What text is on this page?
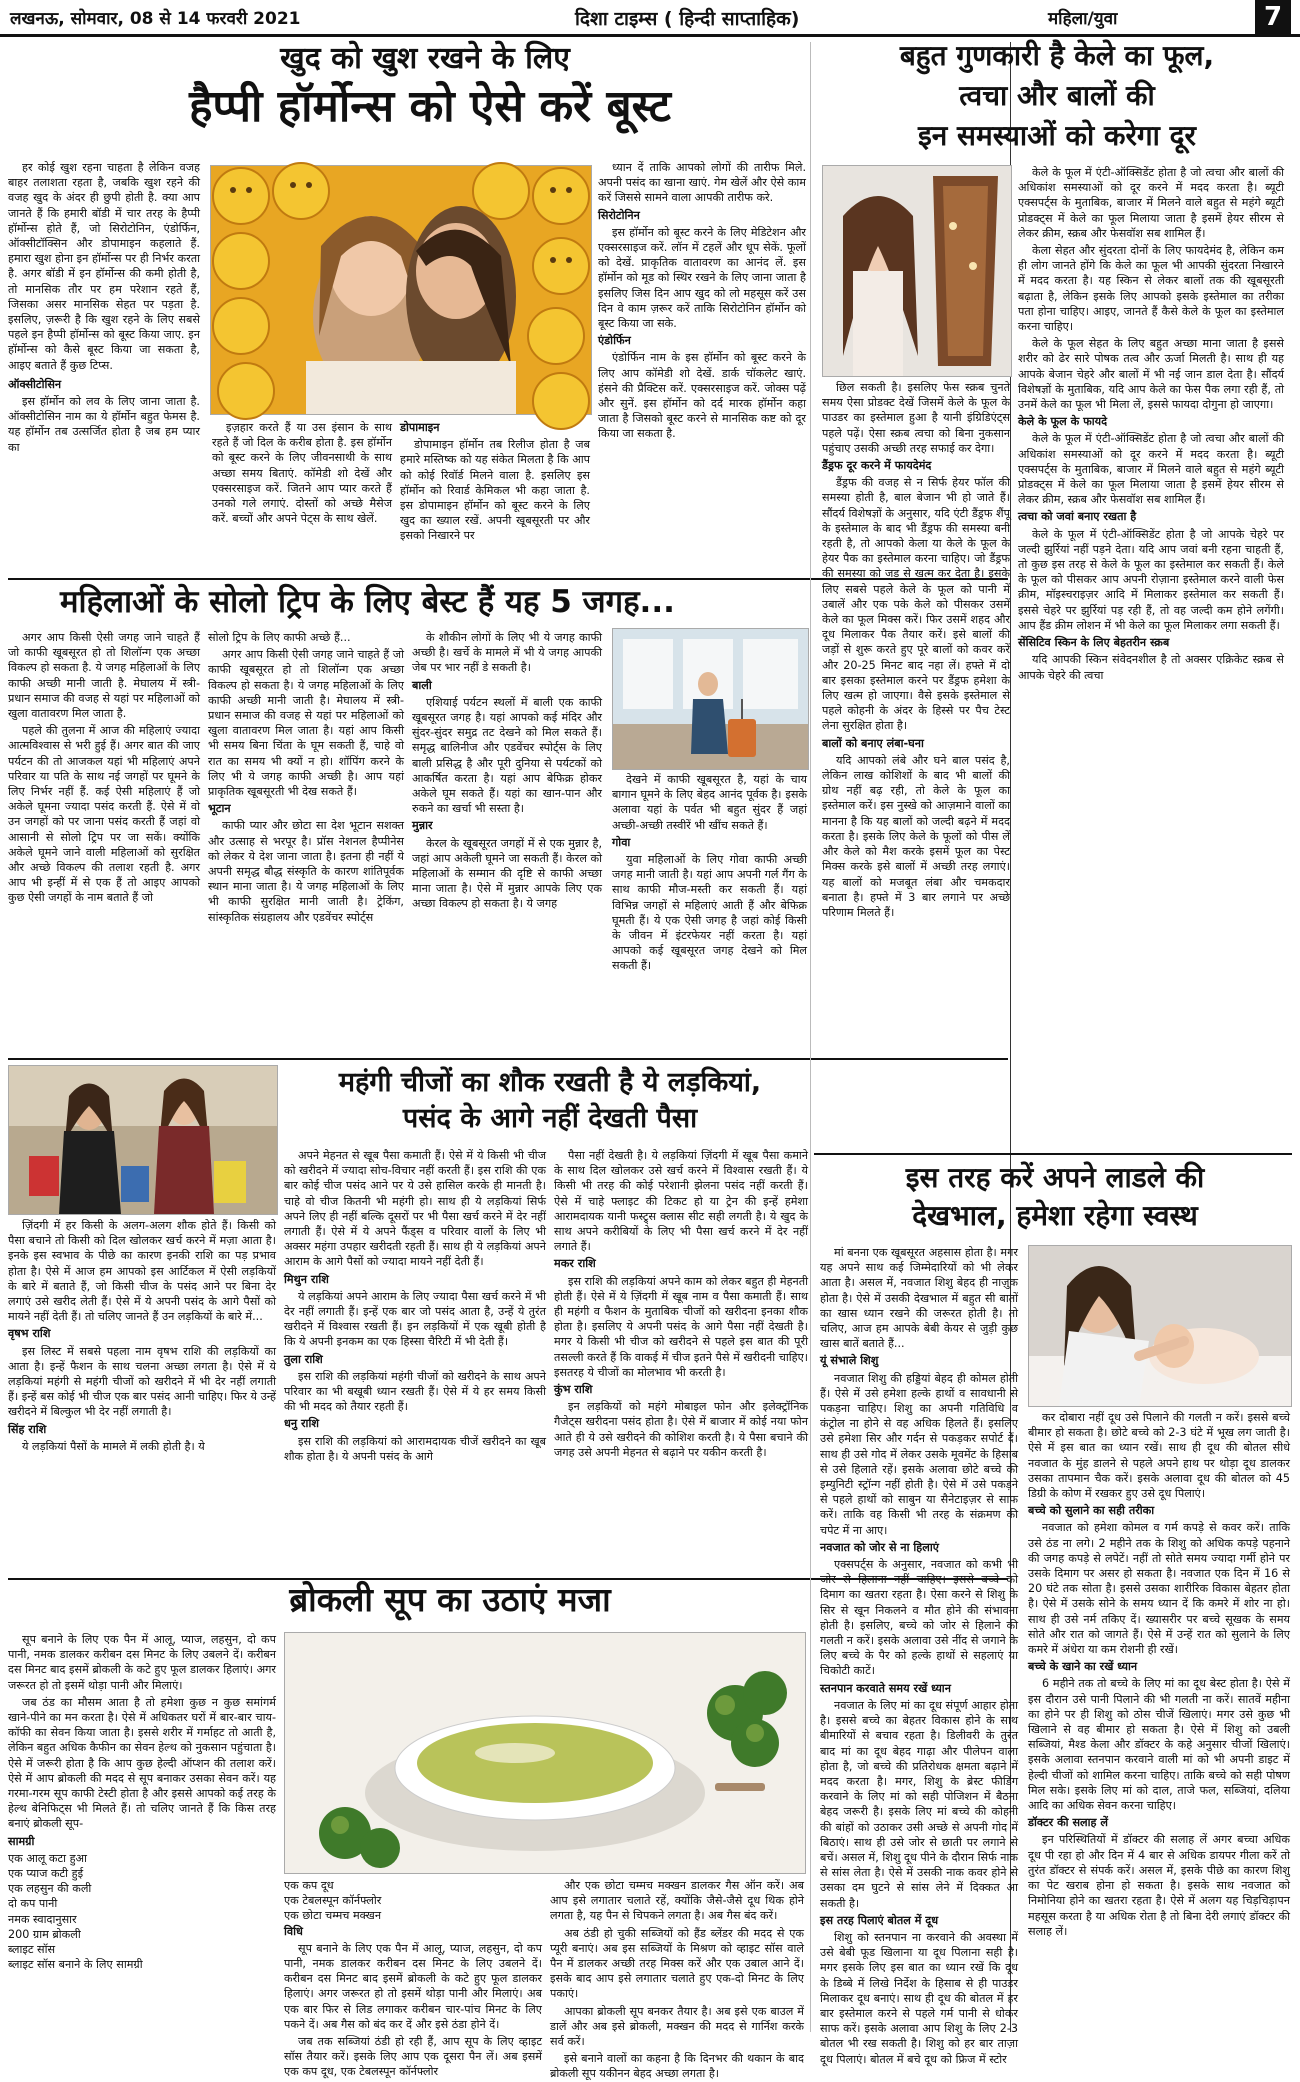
लखनऊ, सोमवार, 08 से 14 फरवरी 2021	दिशा टाइम्स ( हिन्दी साप्ताहिक)	महिला/युवा	7
खुद को खुश रखने के लिए
हैप्पी हॉर्मोन्स को ऐसे करें बूस्ट

हर कोई खुश रहना चाहता है लेकिन वजह बाहर तलाशता रहता है, जबकि खुश रहने की वजह खुद के अंदर ही छुपी होती है. क्या आप जानते हैं कि हमारी बॉडी में चार तरह के हैप्पी हॉर्मोन्स होते हैं, जो सिरोटोनिन, एंडोर्फिन, ऑक्सीटॉक्सिन और डोपामाइन कहलाते हैं. हमारा खुश होना इन हॉर्मोन्स पर ही निर्भर करता है. अगर बॉडी में इन हॉर्मोन्स की कमी होती है, तो मानसिक तौर पर हम परेशान रहते हैं, जिसका असर मानसिक सेहत पर पड़ता है. इसलिए, ज़रूरी है कि खुश रहने के लिए सबसे पहले इन हैप्पी हॉर्मोन्स को बूस्ट किया जाए. इन हॉर्मोन्स को कैसे बूस्ट किया जा सकता है, आइए बताते हैं कुछ टिप्स.

ऑक्सीटोसिन

इस हॉर्मोन को लव के लिए जाना जाता है. ऑक्सीटोसिन नाम का ये हॉर्मोन बहुत फेमस है. यह हॉर्मोन तब उत्सर्जित होता है जब हम प्यार का

इज़हार करते हैं या उस इंसान के साथ रहते हैं जो दिल के करीब होता है. इस हॉर्मोन को बूस्ट करने के लिए जीवनसाथी के साथ अच्छा समय बिताएं. कॉमेडी शो देखें और एक्सरसाइज करें. जितने आप प्यार करते हैं उनको गले लगाएं. दोस्तों को अच्छे मैसेज करें. बच्चों और अपने पेट्स के साथ खेलें.

डोपामाइन

डोपामाइन हॉर्मोन तब रिलीज होता है जब हमारे मस्तिष्क को यह संकेत मिलता है कि आप को कोई रिवॉर्ड मिलने वाला है. इसलिए इस हॉर्मोन को रिवार्ड केमिकल भी कहा जाता है. इस डोपामाइन हॉर्मोन को बूस्ट करने के लिए खुद का ख्याल रखें. अपनी खूबसूरती पर और इसको निखारने पर

ध्यान दें ताकि आपको लोगों की तारीफ मिले. अपनी पसंद का खाना खाएं. गेम खेलें और ऐसे काम करें जिससे सामने वाला आपकी तारीफ करे.

सिरोटोनिन

इस हॉर्मोन को बूस्ट करने के लिए मेडिटेशन और एक्सरसाइज करें. लॉन में टहलें और धूप सेकें. फूलों को देखें. प्राकृतिक वातावरण का आनंद लें. इस हॉर्मोन को मूड को स्थिर रखने के लिए जाना जाता है इसलिए जिस दिन आप खुद को लो महसूस करें उस दिन वे काम ज़रूर करें ताकि सिरोटोनिन हॉर्मोन को बूस्ट किया जा सके.

एंडोर्फिन

एंडोर्फिन नाम के इस हॉर्मोन को बूस्ट करने के लिए आप कॉमेडी शो देखें. डार्क चॉकलेट खाएं. हंसने की प्रैक्टिस करें. एक्सरसाइज करें. जोक्स पढ़ें और सुनें. इस हॉर्मोन को दर्द मारक हॉर्मोन कहा जाता है जिसको बूस्ट करने से मानसिक कष्ट को दूर किया जा सकता है.

महिलाओं के सोलो ट्रिप के लिए बेस्ट हैं यह 5 जगह...

अगर आप किसी ऐसी जगह जाने चाहते हैं जो काफी खूबसूरत हो तो शिलॉन्ग एक अच्छा विकल्प हो सकता है. ये जगह महिलाओं के लिए काफी अच्छी मानी जाती है. मेघालय में स्त्री-प्रधान समाज की वजह से यहां पर महिलाओं को खुला वातावरण मिल जाता है.

पहले की तुलना में आज की महिलाएं ज्यादा आत्मविश्वास से भरी हुई हैं। अगर बात की जाए पर्यटन की तो आजकल यहां भी महिलाएं अपने परिवार या पति के साथ नई जगहों पर घूमने के लिए निर्भर नहीं हैं. कई ऐसी महिलाएं हैं जो अकेले घूमना ज्यादा पसंद करती हैं. ऐसे में वो उन जगहों को पर जाना पसंद करती हैं जहां वो आसानी से सोलो ट्रिप पर जा सकें। क्योंकि अकेले घूमने जाने वाली महिलाओं को सुरक्षित और अच्छे विकल्प की तलाश रहती है. अगर आप भी इन्हीं में से एक हैं तो आइए आपको कुछ ऐसी जगहों के नाम बताते हैं जो

सोलो ट्रिप के लिए काफी अच्छे हैं...

अगर आप किसी ऐसी जगह जाने चाहते हैं जो काफी खूबसूरत हो तो शिलॉन्ग एक अच्छा विकल्प हो सकता है। ये जगह महिलाओं के लिए काफी अच्छी मानी जाती है। मेघालय में स्त्री-प्रधान समाज की वजह से यहां पर महिलाओं को खुला वातावरण मिल जाता है। यहां आप किसी भी समय बिना चिंता के घूम सकती हैं, चाहे वो रात का समय भी क्यों न हो। शॉपिंग करने के लिए भी ये जगह काफी अच्छी है। आप यहां प्राकृतिक खूबसूरती भी देख सकते हैं।

भूटान

काफी प्यार और छोटा सा देश भूटान सशक्त और उत्साह से भरपूर है। प्रॉस नेशनल हैप्पीनेस को लेकर ये देश जाना जाता है। इतना ही नहीं ये अपनी समृद्ध बौद्ध संस्कृति के कारण शांतिपूर्वक स्थान माना जाता है। ये जगह महिलाओं के लिए भी काफी सुरक्षित मानी जाती है। ट्रेकिंग, सांस्कृतिक संग्रहालय और एडवेंचर स्पोर्ट्स

के शौकीन लोगों के लिए भी ये जगह काफी अच्छी है। खर्चे के मामले में भी ये जगह आपकी जेब पर भार नहीं डे सकती है।

बाली

एशियाई पर्यटन स्थलों में बाली एक काफी खूबसूरत जगह है। यहां आपको कई मंदिर और सुंदर-सुंदर समुद्र तट देखने को मिल सकते हैं। समृद्ध बालिनीज और एडवेंचर स्पोर्ट्स के लिए बाली प्रसिद्ध है और पूरी दुनिया से पर्यटकों को आकर्षित करता है। यहां आप बेफिक्र होकर अकेले घूम सकते हैं। यहां का खान-पान और रुकने का खर्चा भी सस्ता है।

मुन्नार

केरल के खूबसूरत जगहों में से एक मुन्नार है, जहां आप अकेली घूमने जा सकती हैं। केरल को महिलाओं के सम्मान की दृष्टि से काफी अच्छा माना जाता है। ऐसे में मुन्नार आपके लिए एक अच्छा विकल्प हो सकता है। ये जगह

देखने में काफी खूबसूरत है, यहां के चाय बागान घूमने के लिए बेहद आनंद पूर्वक है। इसके अलावा यहां के पर्वत भी बहुत सुंदर हैं जहां अच्छी-अच्छी तस्वीरें भी खींच सकते हैं।

गोवा

युवा महिलाओं के लिए गोवा काफी अच्छी जगह मानी जाती है। यहां आप अपनी गर्ल गैंग के साथ काफी मौज-मस्ती कर सकती हैं। यहां विभिन्न जगहों से महिलाएं आती हैं और बेफिक्र घूमती हैं। ये एक ऐसी जगह है जहां कोई किसी के जीवन में इंटरफेयर नहीं करता है। यहां आपको कई खूबसूरत जगह देखने को मिल सकती हैं।

महंगी चीजों का शौक रखती है ये लड़कियां,
पसंद के आगे नहीं देखती पैसा

ज़िंदगी में हर किसी के अलग-अलग शौक होते हैं। किसी को पैसा बचाने तो किसी को दिल खोलकर खर्च करने में मज़ा आता है। इनके इस स्वभाव के पीछे का कारण इनकी राशि का पड़ प्रभाव होता है। ऐसे में आज हम आपको इस आर्टिकल में ऐसी लड़कियों के बारे में बताते हैं, जो किसी चीज के पसंद आने पर बिना देर लगाएं उसे खरीद लेती हैं। ऐसे में ये अपनी पसंद के आगे पैसों को मायने नहीं देती हैं। तो चलिए जानते हैं उन लड़कियों के बारे में...

वृषभ राशि

इस लिस्ट में सबसे पहला नाम वृषभ राशि की लड़कियों का आता है। इन्हें फैशन के साथ चलना अच्छा लगता है। ऐसे में ये लड़कियां महंगी से महंगी चीजों को खरीदने में भी देर नहीं लगाती हैं। इन्हें बस कोई भी चीज एक बार पसंद आनी चाहिए। फिर ये उन्हें खरीदने में बिल्कुल भी देर नहीं लगाती है।

सिंह राशि

ये लड़कियां पैसों के मामले में लकी होती है। ये

अपने मेहनत से खूब पैसा कमाती हैं। ऐसे में ये किसी भी चीज को खरीदने में ज्यादा सोच-विचार नहीं करती हैं। इस राशि की एक बार कोई चीज पसंद आने पर ये उसे हासिल करके ही मानती है। चाहे वो चीज कितनी भी महंगी हो। साथ ही ये लड़कियां सिर्फ अपने लिए ही नहीं बल्कि दूसरों पर भी पैसा खर्च करने में देर नहीं लगाती हैं। ऐसे में ये अपने फैंड्स व परिवार वालों के लिए भी अक्सर महंगा उपहार खरीदती रहती हैं। साथ ही ये लड़कियां अपने आराम के आगे पैसों को ज्यादा मायने नहीं देती हैं।

मिथुन राशि

ये लड़कियां अपने आराम के लिए ज्यादा पैसा खर्च करने में भी देर नहीं लगाती हैं। इन्हें एक बार जो पसंद आता है, उन्हें ये तुरंत खरीदने में विश्वास रखती हैं। इन लड़कियों में एक खूबी होती है कि ये अपनी इनकम का एक हिस्सा चैरिटी में भी देती हैं।

तुला राशि

इस राशि की लड़कियां महंगी चीजों को खरीदने के साथ अपने परिवार का भी बखूबी ध्यान रखती हैं। ऐसे में ये हर समय किसी की भी मदद को तैयार रहती हैं।

धनु राशि

इस राशि की लड़कियां को आरामदायक चीजें खरीदने का खूब शौक होता है। ये अपनी पसंद के आगे

पैसा नहीं देखती है। ये लड़कियां ज़िंदगी में खूब पैसा कमाने के साथ दिल खोलकर उसे खर्च करने में विश्वास रखती हैं। ये किसी भी तरह की कोई परेशानी झेलना पसंद नहीं करती हैं। ऐसे में चाहे फ्लाइट की टिकट हो या ट्रेन की इन्हें हमेशा आरामदायक यानी फस्ट्र्स क्लास सीट सही लगती है। ये खुद के साथ अपने करीबियों के लिए भी पैसा खर्च करने में देर नहीं लगाते हैं।

मकर राशि

इस राशि की लड़कियां अपने काम को लेकर बहुत ही मेहनती होती हैं। ऐसे में ये ज़िंदगी में खूब नाम व पैसा कमाती हैं। साथ ही महंगी व फैशन के मुताबिक चीजों को खरीदना इनका शौक होता है। इसलिए ये अपनी पसंद के आगे पैसा नहीं देखती है। मगर ये किसी भी चीज को खरीदने से पहले इस बात की पूरी तसल्ली करते हैं कि वाकई में चीज इतने पैसे में खरीदनी चाहिए। इसतरह ये चीजों का मोलभाव भी करती है।

कुंभ राशि

इन लड़कियों को महंगे मोबाइल फोन और इलेक्ट्रॉनिक गैजेट्स खरीदना पसंद होता है। ऐसे में बाजार में कोई नया फोन आते ही ये उसे खरीदने की कोशिश करती है। ये पैसा बचाने की जगह उसे अपनी मेहनत से बढ़ाने पर यकीन करती है।

ब्रोकली सूप का उठाएं मजा

सूप बनाने के लिए एक पैन में आलू, प्याज, लहसुन, दो कप पानी, नमक डालकर करीबन दस मिनट के लिए उबलने दें। करीबन दस मिनट बाद इसमें ब्रोकली के कटे हुए फूल डालकर हिलाएं। अगर जरूरत हो तो इसमें थोड़ा पानी और मिलाएं।

जब ठंड का मौसम आता है तो हमेशा कुछ न कुछ समांगर्म खाने-पीने का मन करता है। ऐसे में अधिकतर घरों में बार-बार चाय-कॉफी का सेवन किया जाता है। इससे शरीर में गर्माहट तो आती है, लेकिन बहुत अधिक कैफीन का सेवन हेल्थ को नुकसान पहुंचाता है। ऐसे में जरूरी होता है कि आप कुछ हेल्दी ऑप्शन की तलाश करें। ऐसे में आप ब्रोकली की मदद से सूप बनाकर उसका सेवन करें। यह गरमा-गरम सूप काफी टेस्टी होता है और इससे आपको कई तरह के हेल्थ बेनिफिट्स भी मिलते हैं। तो चलिए जानते हैं कि किस तरह बनाएं ब्रोकली सूप-

सामग्री

एक आलू कटा हुआ
एक प्याज कटी हुई
एक लहसुन की कली
दो कप पानी
नमक स्वादानुसार
200 ग्राम ब्रोकली
ब्लाइट सॉस
ब्लाइट सॉस बनाने के लिए सामग्री
एक कप दूध
एक टेबलस्पून कॉर्नफ्लोर
एक छोटा चम्मच मक्खन

विधि

सूप बनाने के लिए एक पैन में आलू, प्याज, लहसुन, दो कप पानी, नमक डालकर करीबन दस मिनट के लिए उबलने दें। करीबन दस मिनट बाद इसमें ब्रोकली के कटे हुए फूल डालकर हिलाएं। अगर जरूरत हो तो इसमें थोड़ा पानी और मिलाएं। अब एक बार फिर से लिड लगाकर करीबन चार-पांच मिनट के लिए पकने दें। अब गैस को बंद कर दें और इसे ठंडा होने दें।

जब तक सब्जियां ठंडी हो रही हैं, आप सूप के लिए व्हाइट सॉस तैयार करें। इसके लिए आप एक दूसरा पैन लें। अब इसमें एक कप दूध, एक टेबलस्पून कॉर्नफ्लोर

और एक छोटा चम्मच मक्खन डालकर गैस ऑन करें। अब आप इसे लगातार चलाते रहें, क्योंकि जैसे-जैसे दूध थिक होने लगता है, यह पैन से चिपकने लगता है। अब गैस बंद करें।

अब ठंडी हो चुकी सब्जियों को हैंड ब्लेंडर की मदद से एक प्यूरी बनाएं। अब इस सब्जियों के मिश्रण को व्हाइट सॉस वाले पैन में डालकर अच्छी तरह मिक्स करें और एक उबाल आने दें। इसके बाद आप इसे लगातार चलाते हुए एक-दो मिनट के लिए पकाएं।

आपका ब्रोकली सूप बनकर तैयार है। अब इसे एक बाउल में डालें और अब इसे ब्रोकली, मक्खन की मदद से गार्निश करके सर्व करें।

इसे बनाने वालों का कहना है कि दिनभर की थकान के बाद ब्रोकली सूप यकीनन बेहद अच्छा लगता है।

बहुत गुणकारी है केले का फूल,
त्वचा और बालों की
इन समस्याओं को करेगा दूर

केले के फूल में एंटी-ऑक्सिडेंट होता है जो त्वचा और बालों की अधिकांश समस्याओं को दूर करने में मदद करता है। ब्यूटी एक्सपर्ट्स के मुताबिक, बाजार में मिलने वाले बहुत से महंगे ब्यूटी प्रोडक्ट्स में केले का फूल मिलाया जाता है इसमें हेयर सीरम से लेकर क्रीम, स्क्रब और फेसवॉश सब शामिल हैं।

केला सेहत और सुंदरता दोनों के लिए फायदेमंद है, लेकिन कम ही लोग जानते होंगे कि केले का फूल भी आपकी सुंदरता निखारने में मदद करता है। यह स्किन से लेकर बालों तक की खूबसूरती बढ़ाता है, लेकिन इसके लिए आपको इसके इस्तेमाल का तरीका पता होना चाहिए। आइए, जानते हैं कैसे केले के फूल का इस्तेमाल करना चाहिए।

केले के फूल सेहत के लिए बहुत अच्छा माना जाता है इससे शरीर को ढेर सारे पोषक तत्व और ऊर्जा मिलती है। साथ ही यह आपके बेजान चेहरे और बालों में भी नई जान डाल देता है। सौंदर्य विशेषज्ञों के मुताबिक, यदि आप केले का फेस पैक लगा रही हैं, तो उनमें केले का फूल भी मिला लें, इससे फायदा दोगुना हो जाएगा।

केले के फूल के फायदे

केले के फूल में एंटी-ऑक्सिडेंट होता है जो त्वचा और बालों की अधिकांश समस्याओं को दूर करने में मदद करता है। ब्यूटी एक्सपर्ट्स के मुताबिक, बाजार में मिलने वाले बहुत से महंगे ब्यूटी प्रोडक्ट्स में केले का फूल मिलाया जाता है इसमें हेयर सीरम से लेकर क्रीम, स्क्रब और फेसवॉश सब शामिल हैं।

त्वचा को जवां बनाए रखता है

केले के फूल में एंटी-ऑक्सिडेंट होता है जो आपके चेहरे पर जल्दी झुर्रियां नहीं पड़ने देता। यदि आप जवां बनी रहना चाहती हैं, तो कुछ इस तरह से केले के फूल का इस्तेमाल कर सकती हैं। केले के फूल को पीसकर आप अपनी रोज़ाना इस्तेमाल करने वाली फेस क्रीम, मॉइस्चराइज़र आदि में मिलाकर इस्तेमाल कर सकती हैं। इससे चेहरे पर झुर्रियां पड़ रही हैं, तो वह जल्दी कम होने लगेंगी। आप हैंड क्रीम लोशन में भी केले का फूल मिलाकर लगा सकती हैं।

सेंसिटिव स्किन के लिए बेहतरीन स्क्रब

यदि आपकी स्किन संवेदनशील है तो अक्सर एक्रिकेट स्क्रब से आपके चेहरे की त्वचा

इस तरह करें अपने लाडले की
देखभाल, हमेशा रहेगा स्वस्थ

मां बनना एक खूबसूरत अहसास होता है। मगर यह अपने साथ कई जिम्मेदारियों को भी लेकर आता है। असल में, नवजात शिशु बेहद ही नाज़ुक होता है। ऐसे में उसकी देखभाल में बहुत सी बातों का खास ध्यान रखने की जरूरत होती है। तो चलिए, आज हम आपके बेबी केयर से जुड़ी कुछ खास बातें बताते हैं...

यूं संभाले शिशु

नवजात शिशु की हड्डियां बेहद ही कोमल होती हैं। ऐसे में उसे हमेशा हल्के हाथों व सावधानी से पकड़ना चाहिए। शिशु का अपनी गतिविधि व कंट्रोल ना होने से वह अधिक हिलते हैं। इसलिए उसे हमेशा सिर और गर्दन से पकड़कर सपोर्ट दें। साथ ही उसे गोद में लेकर उसके मूवमेंट के हिसाब से उसे हिलाते रहें। इसके अलावा छोटे बच्चे की इम्युनिटी स्ट्रॉन्ग नहीं होती है। ऐसे में उसे पकड़ने से पहले हाथों को साबुन या सैनेटाइज़र से साफ करें। ताकि वह किसी भी तरह के संक्रमण की चपेट में ना आए।

नवजात को जोर से ना हिलाएं

एक्सपर्ट्स के अनुसार, नवजात को कभी भी जोर से हिलाना नहीं चाहिए। इससे बच्चे को दिमाग का खतरा रहता है। ऐसा करने से शिशु के सिर से खून निकलने व मौत होने की संभावना होती है। इसलिए, बच्चे को जोर से हिलाने की गलती न करें। इसके अलावा उसे नींद से जगाने के लिए बच्चे के पैर को हल्के हाथों से सहलाएं या चिकोटी काटें।

स्तनपान करवाते समय रखें ध्यान

नवजात के लिए मां का दूध संपूर्ण आहार होता है। इससे बच्चे का बेहतर विकास होने के साथ बीमारियों से बचाव रहता है। डिलीवरी के तुरंत बाद मां का दूध बेहद गाढ़ा और पीलेपन वाला होता है, जो बच्चे की प्रतिरोधक क्षमता बढ़ाने में मदद करता है। मगर, शिशु के ब्रेस्ट फीडिंग करवाने के लिए मां को सही पोजिशन में बैठना बेहद जरूरी है। इसके लिए मां बच्चे की कोहनी की बांहों को उठाकर उसी अच्छे से अपनी गोद में बिठाएं। साथ ही उसे जोर से छाती पर लगाने से बचें। असल में, शिशु दूध पीने के दौरान सिर्फ नाक से सांस लेता है। ऐसे में उसकी नाक कवर होने से उसका दम घुटने से सांस लेने में दिक्कत आ सकती है।

इस तरह पिलाएं बोतल में दूध

शिशु को स्तनपान ना करवाने की अवस्था में उसे बेबी फूड खिलाना या दूध पिलाना सही है। मगर इसके लिए इस बात का ध्यान रखें कि दूध के डिब्बे में लिखे निर्देश के हिसाब से ही पाउडर मिलाकर दूध बनाएं। साथ ही दूध की बोतल में हर बार इस्तेमाल करने से पहले गर्म पानी से धोकर साफ करें। इसके अलावा आप शिशु के लिए 2-3 बोतल भी रख सकती है। शिशु को हर बार ताज़ा दूध पिलाएं। बोतल में बचे दूध को फ्रिज में स्टोर

कर दोबारा नहीं दूध उसे पिलाने की गलती न करें। इससे बच्चे बीमार हो सकता है। छोटे बच्चे को 2-3 घंटे में भूख लग जाती है। ऐसे में इस बात का ध्यान रखें। साथ ही दूध की बोतल सीधे नवजात के मुंह डालने से पहले अपने हाथ पर थोड़ा दूध डालकर उसका तापमान चैक करें। इसके अलावा दूध की बोतल को 45 डिग्री के कोण में रखकर हुए उसे दूध पिलाएं।

बच्चे को सुलाने का सही तरीका

नवजात को हमेशा कोमल व गर्म कपड़े से कवर करें। ताकि उसे ठंड ना लगे। 2 महीने तक के शिशु को अधिक कपड़े पहनाने की जगह कपड़े से लपेटें। नहीं तो सोते समय ज्यादा गर्मी होने पर उसके दिमाग पर असर हो सकता है। नवजात एक दिन में 16 से 20 घंटे तक सोता है। इससे उसका शारीरिक विकास बेहतर होता है। ऐसे में उसके सोने के समय ध्यान दें कि कमरे में शोर ना हो। साथ ही उसे नर्म तकिए दें। ख्यासरीर पर बच्चे सूखक के समय सोते और रात को जागते हैं। ऐसे में उन्हें रात को सुलाने के लिए कमरे में अंधेरा या कम रोशनी ही रखें।

बच्चे के खाने का रखें ध्यान

6 महीने तक तो बच्चे के लिए मां का दूध बेस्ट होता है। ऐसे में इस दौरान उसे पानी पिलाने की भी गलती ना करें। सातवें महीना का होने पर ही शिशु को ठोस चीजें खिलाएं। मगर उसे कुछ भी खिलाने से वह बीमार हो सकता है। ऐसे में शिशु को उबली सब्जियां, मैश्ड केला और डॉक्टर के कहे अनुसार चीजों खिलाएं। इसके अलावा स्तनपान करवाने वाली मां को भी अपनी डाइट में हेल्दी चीजों को शामिल करना चाहिए। ताकि बच्चे को सही पोषण मिल सके। इसके लिए मां को दाल, ताजे फल, सब्जियां, दलिया आदि का अधिक सेवन करना चाहिए।

डॉक्टर की सलाह लें

इन परिस्थितियों में डॉक्टर की सलाह लें अगर बच्चा अधिक दूध पी रहा हो और दिन में 4 बार से अधिक डायपर गीला करें तो तुरंत डॉक्टर से संपर्क करें। असल में, इसके पीछे का कारण शिशु का पेट खराब होना हो सकता है। इसके साथ नवजात को निमोनिया होने का खतरा रहता है। ऐसे में अलग यह चिड़चिड़ापन महसूस करता है या अधिक रोता है तो बिना देरी लगाएं डॉक्टर की सलाह लें।

छिल सकती है। इसलिए फेस स्क्रब चुनते समय ऐसा प्रोडक्ट देखें जिसमें केले के फूल के पाउडर का इस्तेमाल हुआ है यानी इंग्रिडिएंट्स पहले पढ़ें। ऐसा स्क्रब त्वचा को बिना नुकसान पहुंचाए उसकी अच्छी तरह सफाई कर देगा।

डैंड्रफ दूर करने में फायदेमंद

डैंड्रफ की वजह से न सिर्फ हेयर फॉल की समस्या होती है, बाल बेजान भी हो जाते हैं। सौंदर्य विशेषज्ञों के अनुसार, यदि एंटी डैंड्रफ शैंपू के इस्तेमाल के बाद भी डैंड्रफ की समस्या बनी रहती है, तो आपको केला या केले के फूल के हेयर पैक का इस्तेमाल करना चाहिए। जो डैंड्रफ की समस्या को जड़ से खत्म कर देता है। इसके लिए सबसे पहले केले के फूल को पानी में उबालें और एक पके केले को पीसकर उसमें केले का फूल मिक्स करें। फिर उसमें शहद और दूध मिलाकर पैक तैयार करें। इसे बालों की जड़ों से शुरू करते हुए पूरे बालों को कवर करें और 20-25 मिनट बाद नहा लें। हफ्ते में दो बार इसका इस्तेमाल करने पर डैंड्रफ हमेशा के लिए खत्म हो जाएगा। वैसे इसके इस्तेमाल से पहले कोहनी के अंदर के हिस्से पर पैच टेस्ट लेना सुरक्षित होता है।

बालों को बनाए लंबा-घना

यदि आपको लंबे और घने बाल पसंद है, लेकिन लाख कोशिशों के बाद भी बालों की ग्रोथ नहीं बढ़ रही, तो केले के फूल का इस्तेमाल करें। इस नुस्खे को आज़माने वालों का मानना है कि यह बालों को जल्दी बढ़ने में मदद करता है। इसके लिए केले के फूलों को पीस लें और केले को मैश करके इसमें फूल का पेस्ट मिक्स करके इसे बालों में अच्छी तरह लगाएं। यह बालों को मजबूत लंबा और चमकदार बनाता है। हफ्ते में 3 बार लगाने पर अच्छे परिणाम मिलते हैं।
